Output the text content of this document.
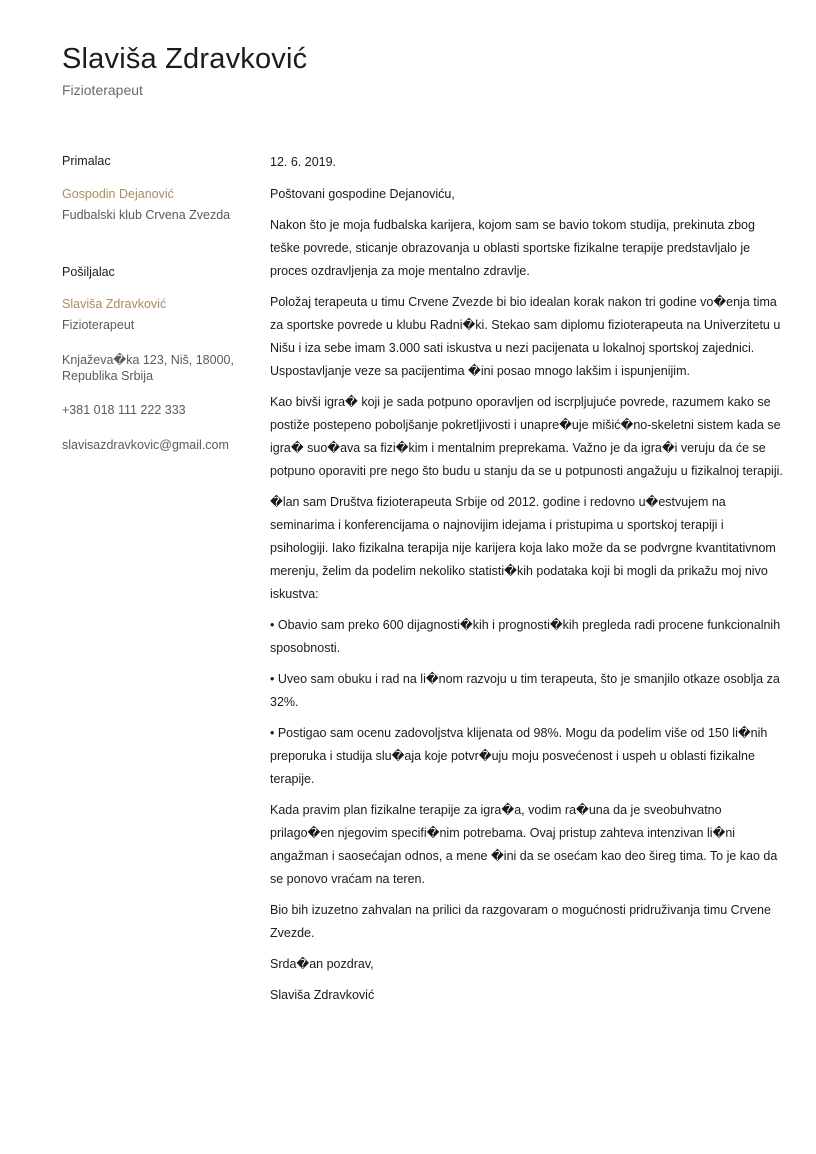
Slaviša Zdravković
Fizioterapeut
Primalac
Gospodin Dejanović
Fudbalski klub Crvena Zvezda
Pošiljalac
Slaviša Zdravković
Fizioterapeut
Knjaževa�ka 123, Niš, 18000,
Republika Srbija
+381 018 111 222 333
slavisazdravkovic@gmail.com
12. 6. 2019.

Poštovani gospodine Dejanoviću,

Nakon što je moja fudbalska karijera, kojom sam se bavio tokom studija, prekinuta zbog teške povrede, sticanje obrazovanja u oblasti sportske fizikalne terapije predstavljalo je proces ozdravljenja za moje mentalno zdravlje.

Položaj terapeuta u timu Crvene Zvezde bi bio idealan korak nakon tri godine vo�enja tima za sportske povrede u klubu Radni�ki. Stekao sam diplomu fizioterapeuta na Univerzitetu u Nišu i iza sebe imam 3.000 sati iskustva u nezi pacijenata u lokalnoj sportskoj zajednici. Uspostavljanje veze sa pacijentima �ini posao mnogo lakšim i ispunjenijim.

Kao bivši igra� koji je sada potpuno oporavljen od iscrpljujuće povrede, razumem kako se postiže postepeno poboljšanje pokretljivosti i unapre�uje mišić�no-skeletni sistem kada se igra� suo�ava sa fizi�kim i mentalnim preprekama. Važno je da igra�i veruju da će se potpuno oporaviti pre nego što budu u stanju da se u potpunosti angažuju u fizikalnoj terapiji.

�lan sam Društva fizioterapeuta Srbije od 2012. godine i redovno u�estvujem na seminarima i konferencijama o najnovijim idejama i pristupima u sportskoj terapiji i psihologiji. Iako fizikalna terapija nije karijera koja lako može da se podvrgne kvantitativnom merenju, želim da podelim nekoliko statisti�kih podataka koji bi mogli da prikažu moj nivo iskustva:

• Obavio sam preko 600 dijagnosti�kih i prognosti�kih pregleda radi procene funkcionalnih sposobnosti.

• Uveo sam obuku i rad na li�nom razvoju u tim terapeuta, što je smanjilo otkaze osoblja za 32%.

• Postigao sam ocenu zadovoljstva klijenata od 98%. Mogu da podelim više od 150 li�nih preporuka i studija slu�aja koje potvr�uju moju posvećenost i uspeh u oblasti fizikalne terapije.

Kada pravim plan fizikalne terapije za igra�a, vodim ra�una da je sveobuhvatno prilago�en njegovim specifi�nim potrebama. Ovaj pristup zahteva intenzivan li�ni angažman i saosećajan odnos, a mene �ini da se osećam kao deo šireg tima. To je kao da se ponovo vraćam na teren.

Bio bih izuzetno zahvalan na prilici da razgovaram o mogućnosti pridruživanja timu Crvene Zvezde.

Srda�an pozdrav,

Slaviša Zdravković
